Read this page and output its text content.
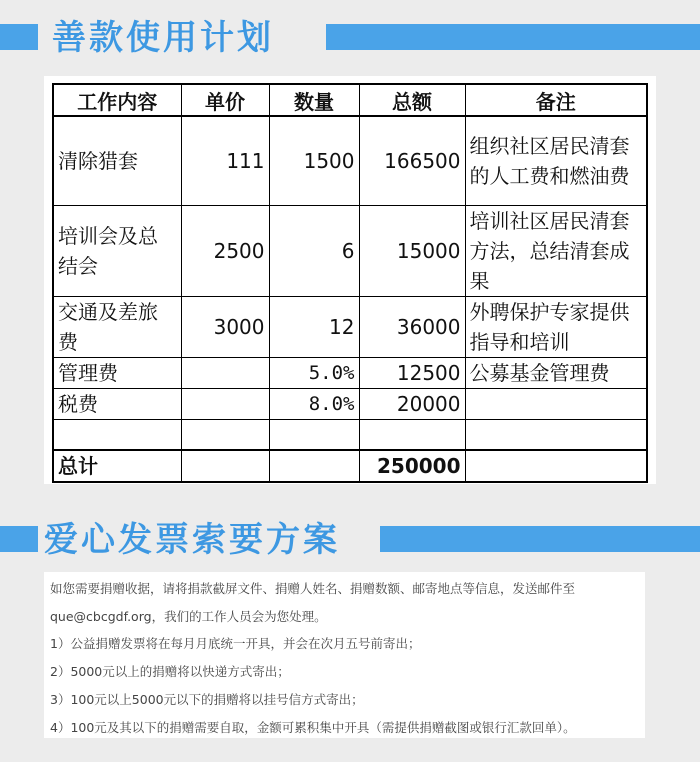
善款使用计划
工作内容	单价	数量	总额	备注
清除猎套	111	1500	166500	组织社区居民清套的人工费和燃油费
培训会及总结会	2500	6	15000	培训社区居民清套方法，总结清套成果
交通及差旅费	3000	12	36000	外聘保护专家提供指导和培训
管理费		5.0%	12500	公募基金管理费
税费		8.0%	20000	

总计			250000	
爱心发票索要方案
如您需要捐赠收据，请将捐款截屏文件、捐赠人姓名、捐赠数额、邮寄地点等信息，发送邮件至
que@cbcgdf.org，我们的工作人员会为您处理。
1）公益捐赠发票将在每月月底统一开具，并会在次月五号前寄出；
2）5000元以上的捐赠将以快递方式寄出；
3）100元以上5000元以下的捐赠将以挂号信方式寄出；
4）100元及其以下的捐赠需要自取，金额可累积集中开具（需提供捐赠截图或银行汇款回单）。
